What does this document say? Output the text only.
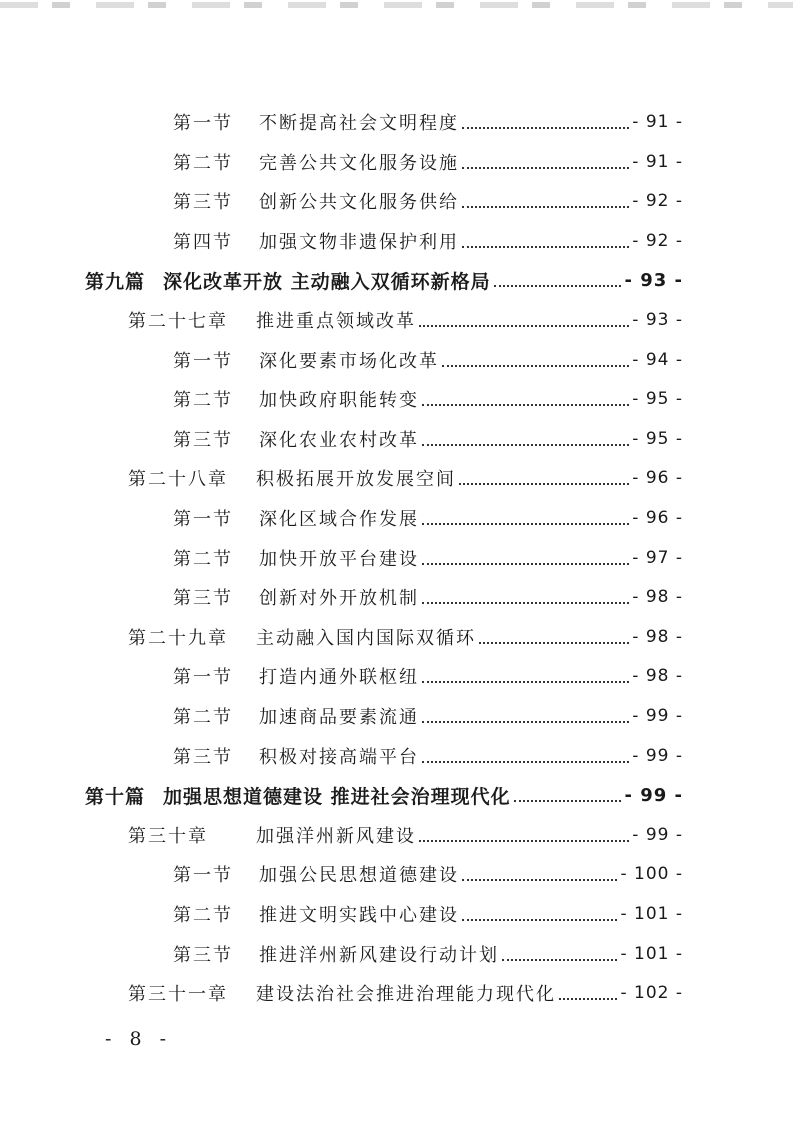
第一节	不断提高社会文明程度	- 91 -
第二节	完善公共文化服务设施	- 91 -
第三节	创新公共文化服务供给	- 92 -
第四节	加强文物非遗保护利用	- 92 -
第九篇 深化改革开放 主动融入双循环新格局	- 93 -
第二十七章	推进重点领域改革	- 93 -
第一节	深化要素市场化改革	- 94 -
第二节	加快政府职能转变	- 95 -
第三节	深化农业农村改革	- 95 -
第二十八章	积极拓展开放发展空间	- 96 -
第一节	深化区域合作发展	- 96 -
第二节	加快开放平台建设	- 97 -
第三节	创新对外开放机制	- 98 -
第二十九章	主动融入国内国际双循环	- 98 -
第一节	打造内通外联枢纽	- 98 -
第二节	加速商品要素流通	- 99 -
第三节	积极对接高端平台	- 99 -
第十篇 加强思想道德建设 推进社会治理现代化	- 99 -
第三十章	加强洋州新风建设	- 99 -
第一节	加强公民思想道德建设	- 100 -
第二节	推进文明实践中心建设	- 101 -
第三节	推进洋州新风建设行动计划	- 101 -
第三十一章	建设法治社会推进治理能力现代化	- 102 -
- 8 -
